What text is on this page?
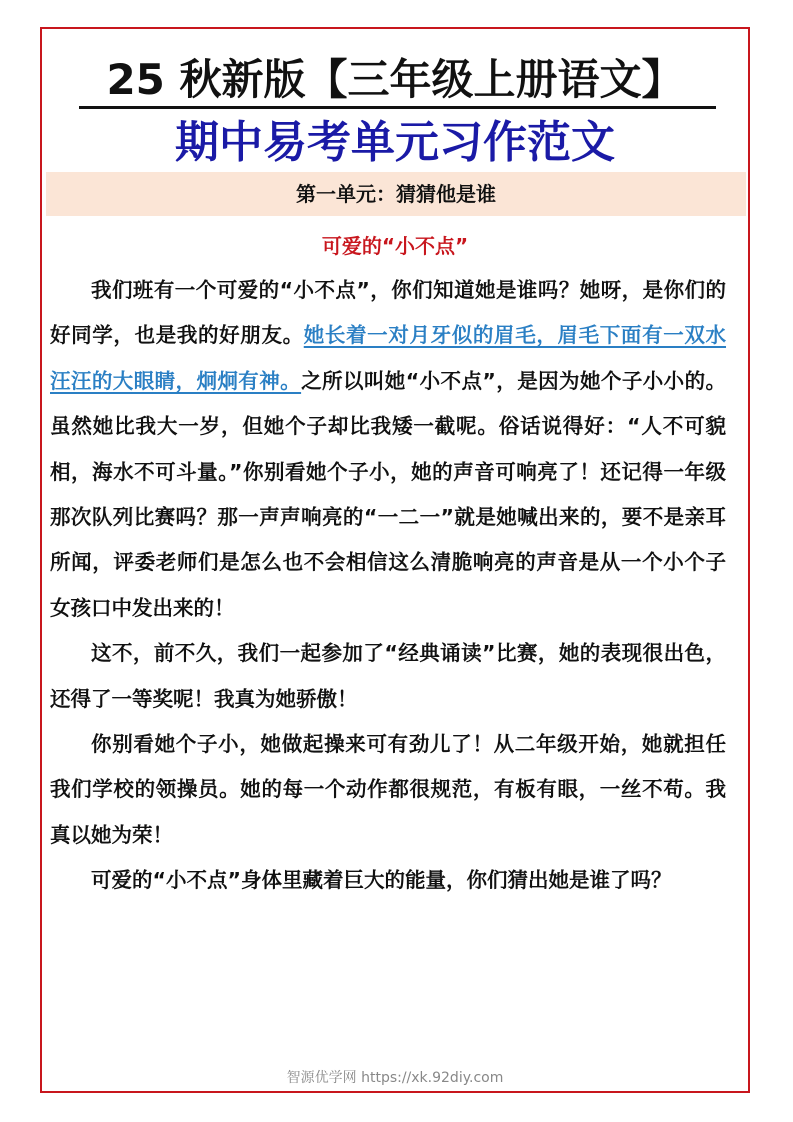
25 秋新版【三年级上册语文】
期中易考单元习作范文
第一单元：猜猜他是谁
可爱的“小不点”

我们班有一个可爱的“小不点”，你们知道她是谁吗？她呀，是你们的好同学，也是我的好朋友。她长着一对月牙似的眉毛，眉毛下面有一双水汪汪的大眼睛，炯炯有神。之所以叫她“小不点”，是因为她个子小小的。虽然她比我大一岁，但她个子却比我矮一截呢。俗话说得好：“人不可貌相，海水不可斗量。”你别看她个子小，她的声音可响亮了！还记得一年级那次队列比赛吗？那一声声响亮的“一二一”就是她喊出来的，要不是亲耳所闻，评委老师们是怎么也不会相信这么清脆响亮的声音是从一个小个子女孩口中发出来的！

这不，前不久，我们一起参加了“经典诵读”比赛，她的表现很出色，还得了一等奖呢！我真为她骄傲！

你别看她个子小，她做起操来可有劲儿了！从二年级开始，她就担任我们学校的领操员。她的每一个动作都很规范，有板有眼，一丝不苟。我真以她为荣！

可爱的“小不点”身体里藏着巨大的能量，你们猜出她是谁了吗？

智源优学网 https://xk.92diy.com
